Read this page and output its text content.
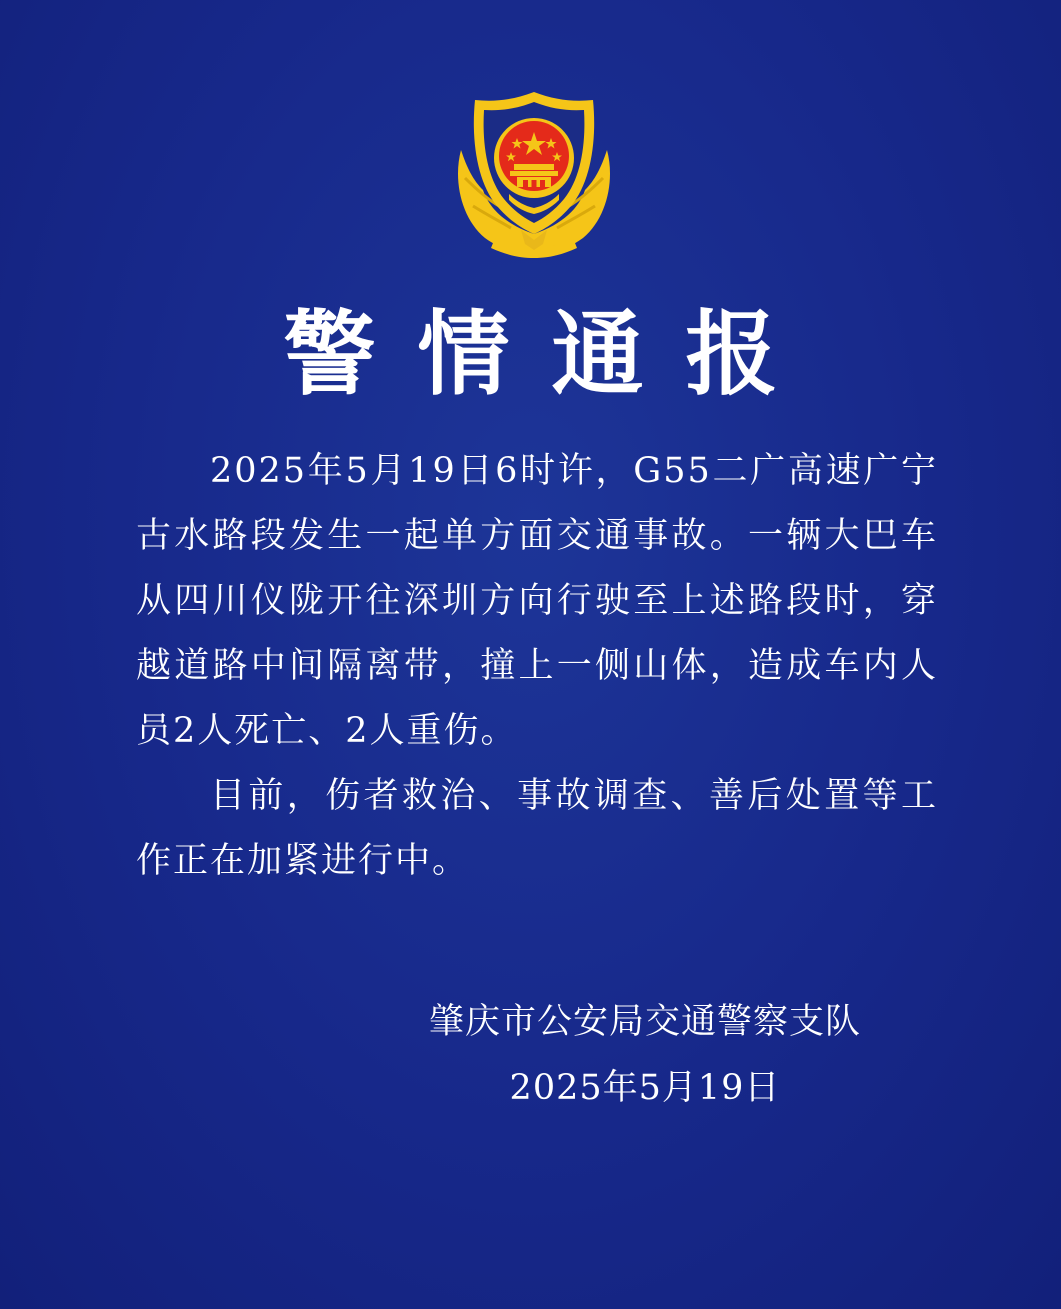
警情通报

2025年5月19日6时许，G55二广高速广宁古水路段发生一起单方面交通事故。一辆大巴车从四川仪陇开往深圳方向行驶至上述路段时，穿越道路中间隔离带，撞上一侧山体，造成车内人员2人死亡、2人重伤。

目前，伤者救治、事故调查、善后处置等工作正在加紧进行中。

肇庆市公安局交通警察支队
2025年5月19日
